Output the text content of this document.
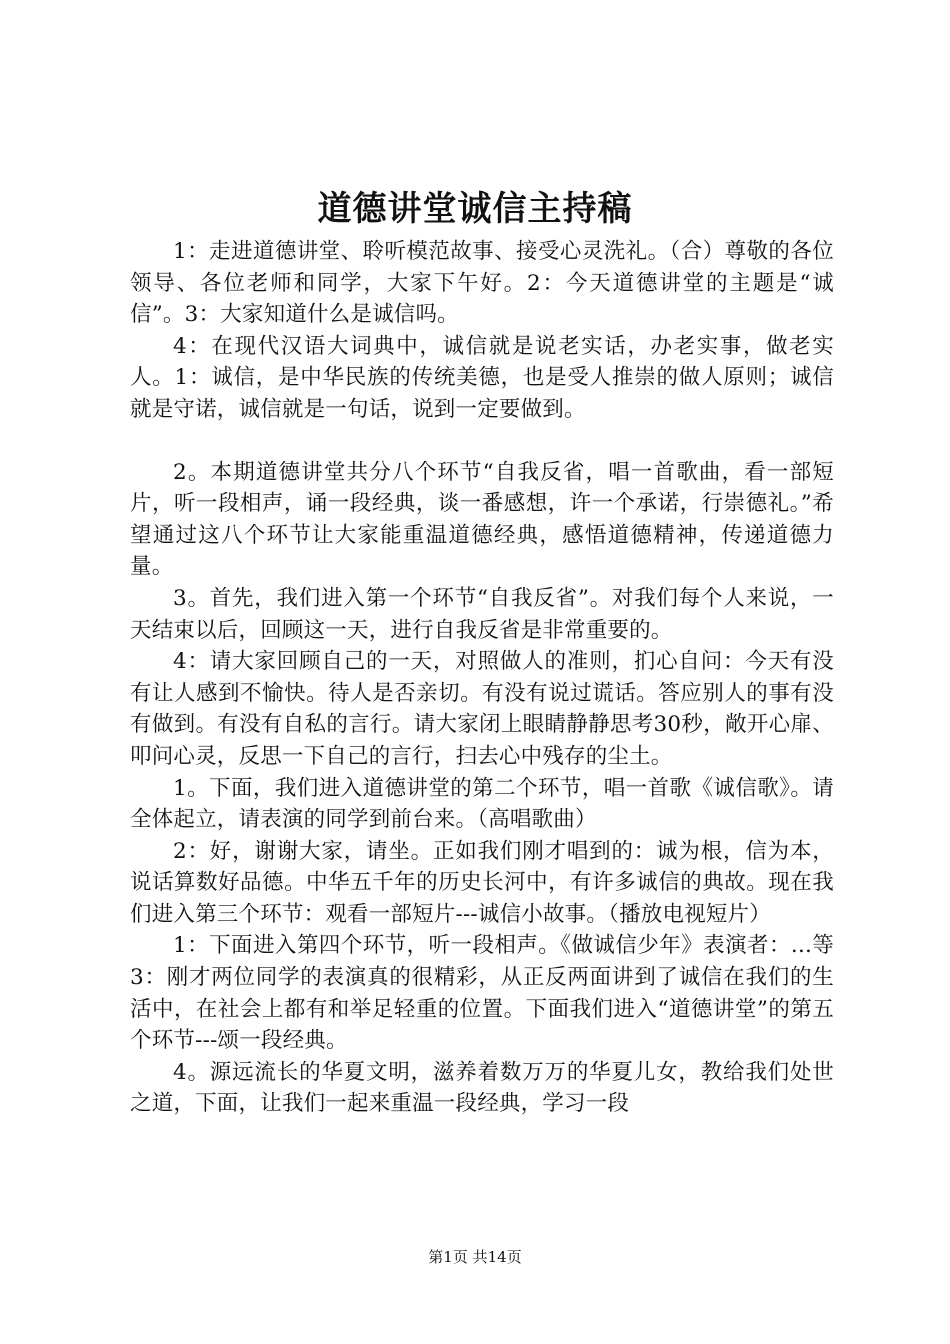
道德讲堂诚信主持稿

1：走进道德讲堂、聆听模范故事、接受心灵洗礼。（合）尊敬的各位领导、各位老师和同学，大家下午好。2：今天道德讲堂的主题是“诚信”。3：大家知道什么是诚信吗。

4：在现代汉语大词典中，诚信就是说老实话，办老实事，做老实人。1：诚信，是中华民族的传统美德，也是受人推崇的做人原则；诚信就是守诺，诚信就是一句话，说到一定要做到。

2。本期道德讲堂共分八个环节“自我反省，唱一首歌曲，看一部短片，听一段相声，诵一段经典，谈一番感想，许一个承诺，行崇德礼。”希望通过这八个环节让大家能重温道德经典，感悟道德精神，传递道德力量。

3。首先，我们进入第一个环节“自我反省”。对我们每个人来说，一天结束以后，回顾这一天，进行自我反省是非常重要的。

4：请大家回顾自己的一天，对照做人的准则，扪心自问：今天有没有让人感到不愉快。待人是否亲切。有没有说过谎话。答应别人的事有没有做到。有没有自私的言行。请大家闭上眼睛静静思考30秒，敞开心扉、叩问心灵，反思一下自己的言行，扫去心中残存的尘土。

1。下面，我们进入道德讲堂的第二个环节，唱一首歌《诚信歌》。请全体起立，请表演的同学到前台来。（高唱歌曲）

2：好，谢谢大家，请坐。正如我们刚才唱到的：诚为根，信为本，说话算数好品德。中华五千年的历史长河中，有许多诚信的典故。现在我们进入第三个环节：观看一部短片---诚信小故事。（播放电视短片）

1：下面进入第四个环节，听一段相声。《做诚信少年》表演者：...等3：刚才两位同学的表演真的很精彩，从正反两面讲到了诚信在我们的生活中，在社会上都有和举足轻重的位置。下面我们进入“道德讲堂”的第五个环节---颂一段经典。

4。源远流长的华夏文明，滋养着数万万的华夏儿女，教给我们处世之道，下面，让我们一起来重温一段经典，学习一段

第1页 共14页
